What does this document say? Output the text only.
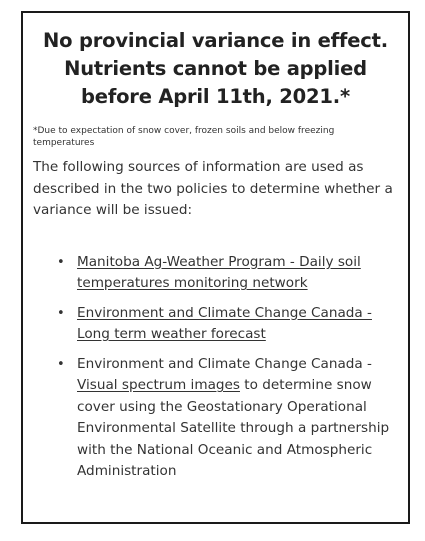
No provincial variance in effect.
Nutrients cannot be applied
before April 11th, 2021.*

*Due to expectation of snow cover, frozen soils and below freezing temperatures

The following sources of information are used as described in the two policies to determine whether a variance will be issued:

• Manitoba Ag-Weather Program - Daily soil temperatures monitoring network
• Environment and Climate Change Canada - Long term weather forecast
• Environment and Climate Change Canada - Visual spectrum images to determine snow cover using the Geostationary Operational Environmental Satellite through a partnership with the National Oceanic and Atmospheric Administration
